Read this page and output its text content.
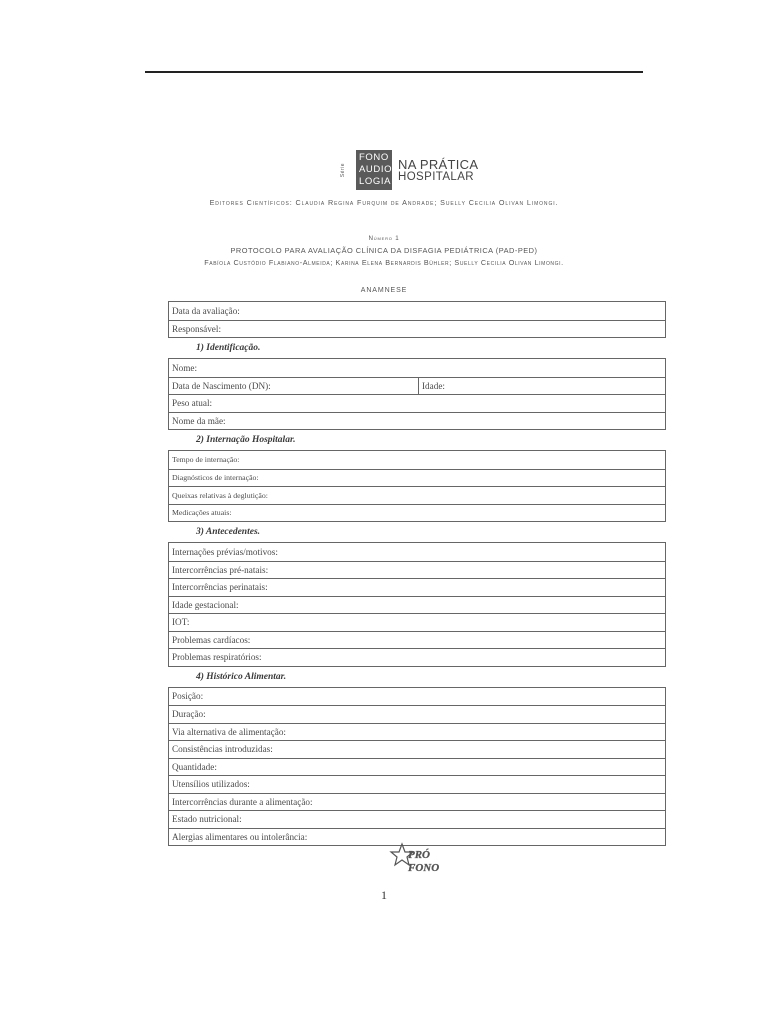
Série
FONO
AUDIO
LOGIA
NA PRÁTICA
HOSPITALAR
Editores Científicos: Claudia Regina Furquim de Andrade; Suelly Cecilia Olivan Limongi.
Número 1
PROTOCOLO PARA AVALIAÇÃO CLÍNICA DA DISFAGIA PEDIÁTRICA (PAD-PED)
Fabíola Custódio Flabiano-Almeida; Karina Elena Bernardis Bühler; Suelly Cecilia Olivan Limongi.
ANAMNESE
Data da avaliação:
Responsável:
1) Identificação.
Nome:
Data de Nascimento (DN):	Idade:
Peso atual:
Nome da mãe:
2) Internação Hospitalar.
Tempo de internação:
Diagnósticos de internação:
Queixas relativas à deglutição:
Medicações atuais:
3) Antecedentes.
Internações prévias/motivos:
Intercorrências pré-natais:
Intercorrências perinatais:
Idade gestacional:
IOT:
Problemas cardíacos:
Problemas respiratórios:
4) Histórico Alimentar.
Posição:
Duração:
Via alternativa de alimentação:
Consistências introduzidas:
Quantidade:
Utensílios utilizados:
Intercorrências durante a alimentação:
Estado nutricional:
Alergias alimentares ou intolerância:
PRÓ
FONO
1
